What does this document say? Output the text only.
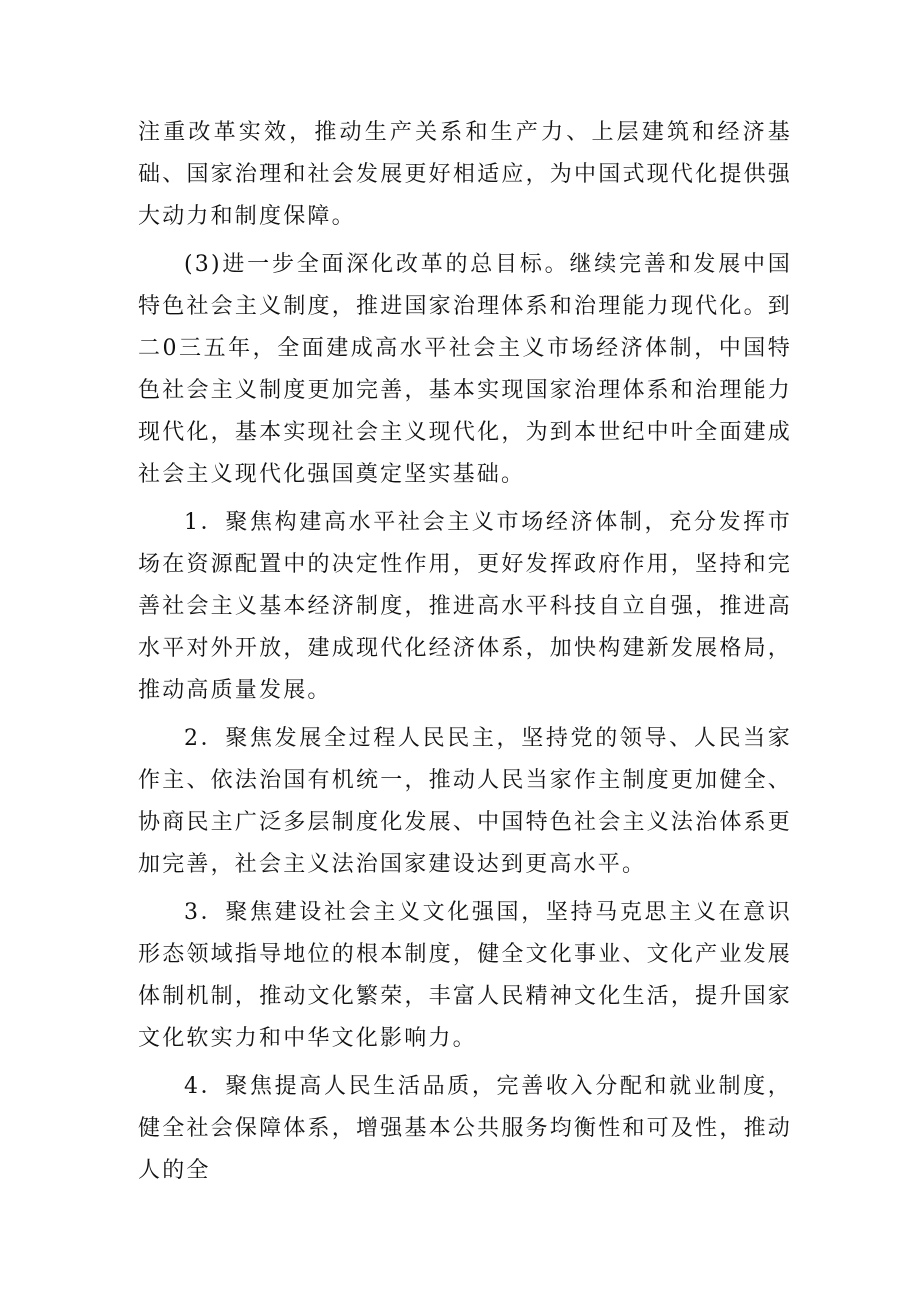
注重改革实效，推动生产关系和生产力、上层建筑和经济基础、国家治理和社会发展更好相适应，为中国式现代化提供强大动力和制度保障。

(3)进一步全面深化改革的总目标。继续完善和发展中国特色社会主义制度，推进国家治理体系和治理能力现代化。到二0三五年，全面建成高水平社会主义市场经济体制，中国特色社会主义制度更加完善，基本实现国家治理体系和治理能力现代化，基本实现社会主义现代化，为到本世纪中叶全面建成社会主义现代化强国奠定坚实基础。

1．聚焦构建高水平社会主义市场经济体制，充分发挥市场在资源配置中的决定性作用，更好发挥政府作用，坚持和完善社会主义基本经济制度，推进高水平科技自立自强，推进高水平对外开放，建成现代化经济体系，加快构建新发展格局，推动高质量发展。

2．聚焦发展全过程人民民主，坚持党的领导、人民当家作主、依法治国有机统一，推动人民当家作主制度更加健全、协商民主广泛多层制度化发展、中国特色社会主义法治体系更加完善，社会主义法治国家建设达到更高水平。

3．聚焦建设社会主义文化强国，坚持马克思主义在意识形态领域指导地位的根本制度，健全文化事业、文化产业发展体制机制，推动文化繁荣，丰富人民精神文化生活，提升国家文化软实力和中华文化影响力。

4．聚焦提高人民生活品质，完善收入分配和就业制度，健全社会保障体系，增强基本公共服务均衡性和可及性，推动人的全
